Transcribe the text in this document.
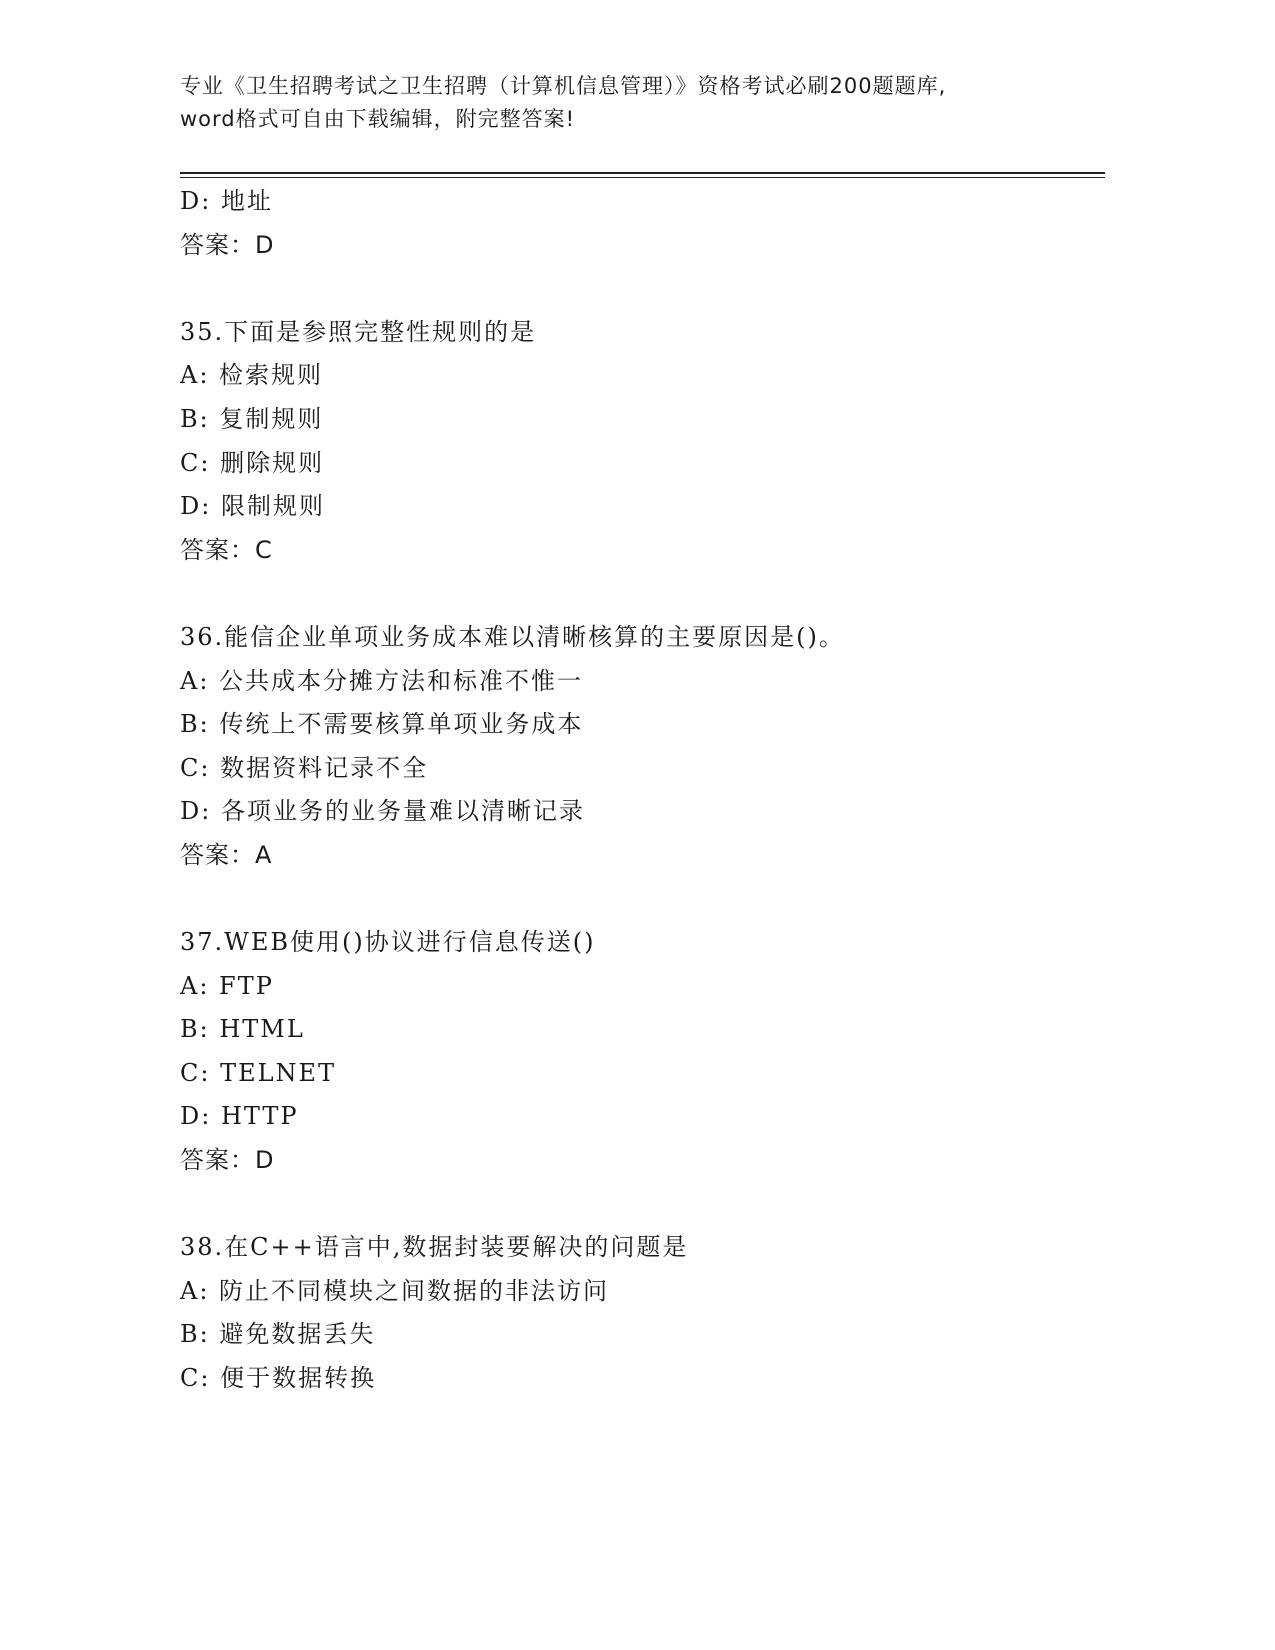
专业《卫生招聘考试之卫生招聘（计算机信息管理）》资格考试必刷200题题库,
word格式可自由下载编辑，附完整答案!
D: 地址
答案：D
35.下面是参照完整性规则的是
A: 检索规则
B: 复制规则
C: 删除规则
D: 限制规则
答案：C
36.能信企业单项业务成本难以清晰核算的主要原因是()。
A: 公共成本分摊方法和标准不惟一
B: 传统上不需要核算单项业务成本
C: 数据资料记录不全
D: 各项业务的业务量难以清晰记录
答案：A
37.WEB使用()协议进行信息传送()
A: FTP
B: HTML
C: TELNET
D: HTTP
答案：D
38.在C++语言中,数据封装要解决的问题是
A: 防止不同模块之间数据的非法访问
B: 避免数据丢失
C: 便于数据转换
